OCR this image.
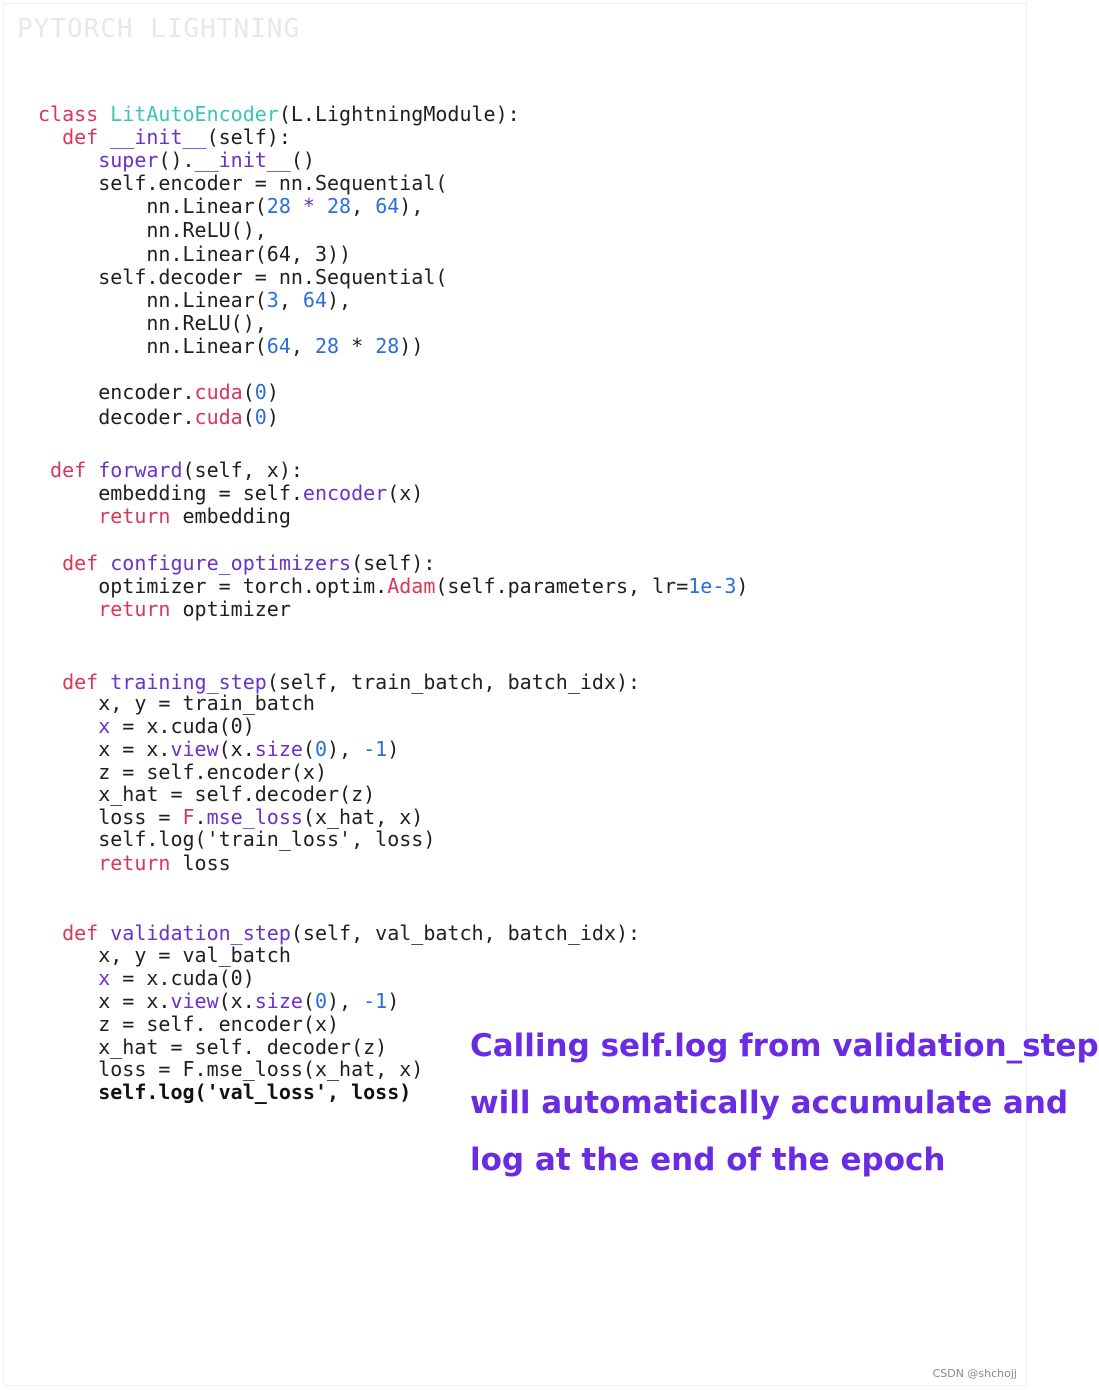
PYTORCH LIGHTNING
class LitAutoEncoder(L.LightningModule):
def __init__(self):
super().__init__()
self.encoder = nn.Sequential(
nn.Linear(28 * 28, 64),
nn.ReLU(),
nn.Linear(64, 3))
self.decoder = nn.Sequential(
nn.Linear(3, 64),
nn.ReLU(),
nn.Linear(64, 28 * 28))
encoder.cuda(0)
decoder.cuda(0)
def forward(self, x):
embedding = self.encoder(x)
return embedding
def configure_optimizers(self):
optimizer = torch.optim.Adam(self.parameters, lr=1e-3)
return optimizer
def training_step(self, train_batch, batch_idx):
x, y = train_batch
x = x.cuda(0)
x = x.view(x.size(0), -1)
z = self.encoder(x)
x_hat = self.decoder(z)
loss = F.mse_loss(x_hat, x)
self.log('train_loss', loss)
return loss
def validation_step(self, val_batch, batch_idx):
x, y = val_batch
x = x.cuda(0)
x = x.view(x.size(0), -1)
z = self. encoder(x)
x_hat = self. decoder(z)
loss = F.mse_loss(x_hat, x)
self.log('val_loss', loss)
Calling self.log from validation_step
will automatically accumulate and
log at the end of the epoch
CSDN @shchojj
